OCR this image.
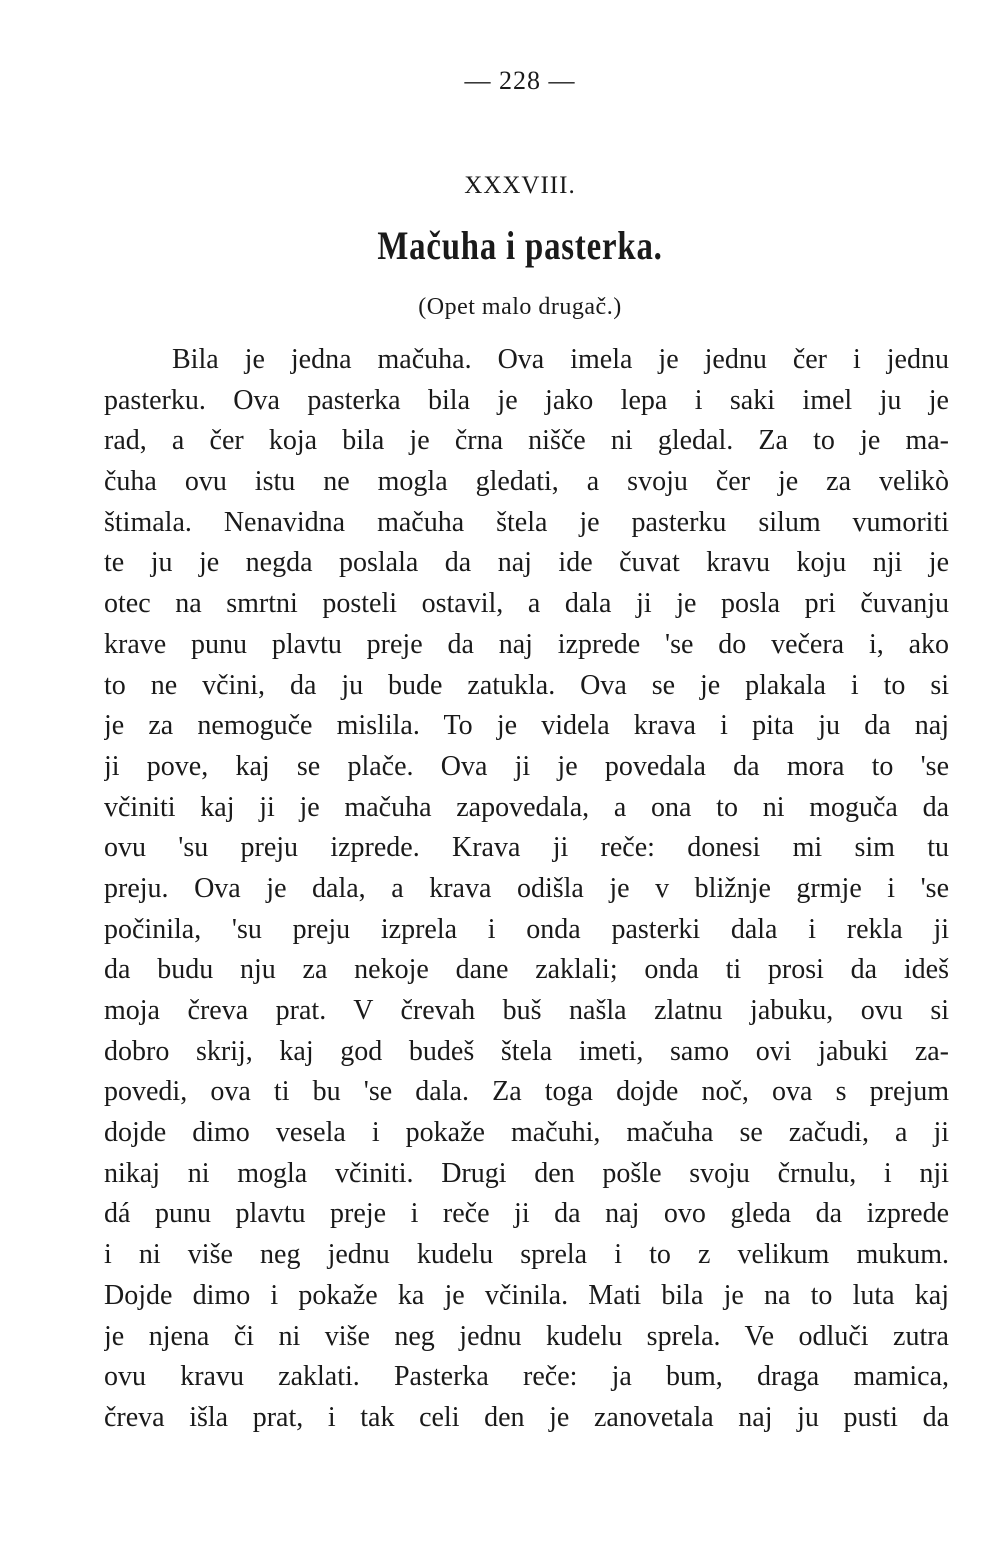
— 228 —
XXXVIII.
Mačuha i pasterka.
(Opet malo drugač.)
Bila je jedna mačuha. Ova imela je jednu čer i jednu
pasterku. Ova pasterka bila je jako lepa i saki imel ju je
rad, a čer koja bila je črna nišče ni gledal. Za to je ma-
čuha ovu istu ne mogla gledati, a svoju čer je za velikò
štimala. Nenavidna mačuha štela je pasterku silum vumoriti
te ju je negda poslala da naj ide čuvat kravu koju nji je
otec na smrtni posteli ostavil, a dala ji je posla pri čuvanju
krave punu plavtu preje da naj izprede 'se do večera i, ako
to ne včini, da ju bude zatukla. Ova se je plakala i to si
je za nemoguče mislila. To je videla krava i pita ju da naj
ji pove, kaj se plače. Ova ji je povedala da mora to 'se
včiniti kaj ji je mačuha zapovedala, a ona to ni moguča da
ovu 'su preju izprede. Krava ji reče: donesi mi sim tu
preju. Ova je dala, a krava odišla je v bližnje grmje i 'se
počinila, 'su preju izprela i onda pasterki dala i rekla ji
da budu nju za nekoje dane zaklali; onda ti prosi da ideš
moja čreva prat. V črevah buš našla zlatnu jabuku, ovu si
dobro skrij, kaj god budeš štela imeti, samo ovi jabuki za-
povedi, ova ti bu 'se dala. Za toga dojde noč, ova s prejum
dojde dimo vesela i pokaže mačuhi, mačuha se začudi, a ji
nikaj ni mogla včiniti. Drugi den pošle svoju črnulu, i nji
dá punu plavtu preje i reče ji da naj ovo gleda da izprede
i ni više neg jednu kudelu sprela i to z velikum mukum.
Dojde dimo i pokaže ka je včinila. Mati bila je na to luta kaj
je njena či ni više neg jednu kudelu sprela. Ve odluči zutra
ovu kravu zaklati. Pasterka reče: ja bum, draga mamica,
čreva išla prat, i tak celi den je zanovetala naj ju pusti da
